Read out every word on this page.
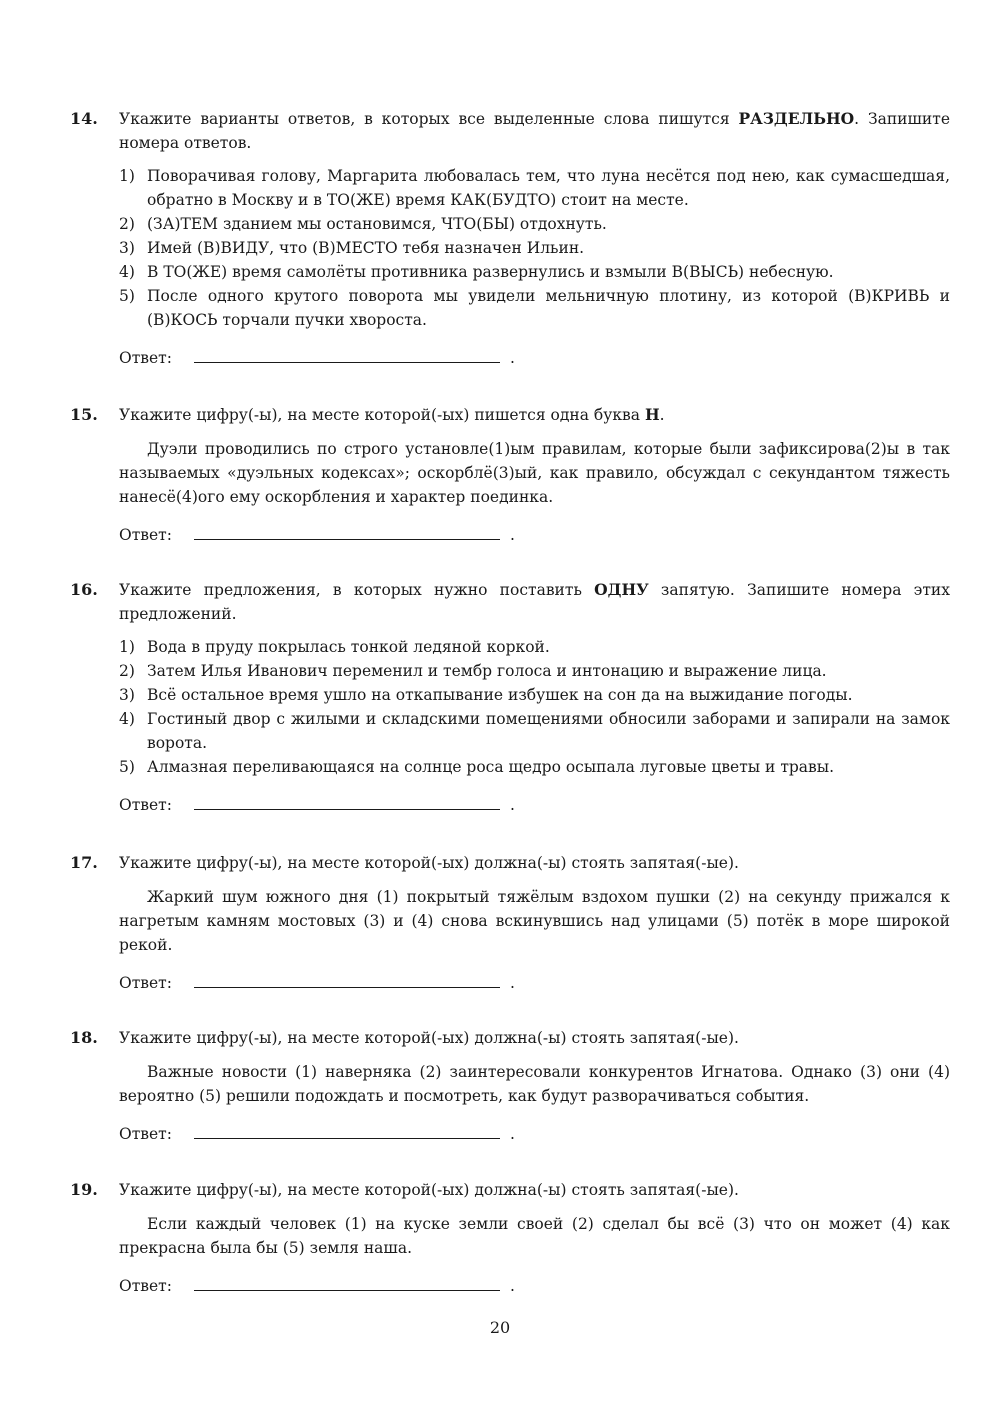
14. Укажите варианты ответов, в которых все выделенные слова пишутся РАЗДЕЛЬНО. Запишите номера ответов.

1) Поворачивая голову, Маргарита любовалась тем, что луна несётся под нею, как сумасшедшая, обратно в Москву и в ТО(ЖЕ) время КАК(БУДТО) стоит на месте.
2) (ЗА)ТЕМ зданием мы остановимся, ЧТО(БЫ) отдохнуть.
3) Имей (В)ВИДУ, что (В)МЕСТО тебя назначен Ильин.
4) В ТО(ЖЕ) время самолёты противника развернулись и взмыли В(ВЫСЬ) небесную.
5) После одного крутого поворота мы увидели мельничную плотину, из которой (В)КРИВЬ и (В)КОСЬ торчали пучки хвороста.
Ответ:	.
15. Укажите цифру(-ы), на месте которой(-ых) пишется одна буква Н.

Дуэли проводились по строго установле(1)ым правилам, которые были зафиксирова(2)ы в так называемых «дуэльных кодексах»; оскорблё(3)ый, как правило, обсуждал с секундантом тяжесть нанесё(4)ого ему оскорбления и характер поединка.

Ответ:	.
16. Укажите предложения, в которых нужно поставить ОДНУ запятую. Запишите номера этих предложений.

1) Вода в пруду покрылась тонкой ледяной коркой.
2) Затем Илья Иванович переменил и тембр голоса и интонацию и выражение лица.
3) Всё остальное время ушло на откапывание избушек на сон да на выжидание погоды.
4) Гостиный двор с жилыми и складскими помещениями обносили заборами и запирали на замок ворота.
5) Алмазная переливающаяся на солнце роса щедро осыпала луговые цветы и травы.
Ответ:	.
17. Укажите цифру(-ы), на месте которой(-ых) должна(-ы) стоять запятая(-ые).

Жаркий шум южного дня (1) покрытый тяжёлым вздохом пушки (2) на секунду прижался к нагретым камням мостовых (3) и (4) снова вскинувшись над улицами (5) потёк в море широкой рекой.

Ответ:	.
18. Укажите цифру(-ы), на месте которой(-ых) должна(-ы) стоять запятая(-ые).

Важные новости (1) наверняка (2) заинтересовали конкурентов Игнатова. Однако (3) они (4) вероятно (5) решили подождать и посмотреть, как будут разворачиваться события.

Ответ:	.
19. Укажите цифру(-ы), на месте которой(-ых) должна(-ы) стоять запятая(-ые).

Если каждый человек (1) на куске земли своей (2) сделал бы всё (3) что он может (4) как прекрасна была бы (5) земля наша.

Ответ:	.
20
